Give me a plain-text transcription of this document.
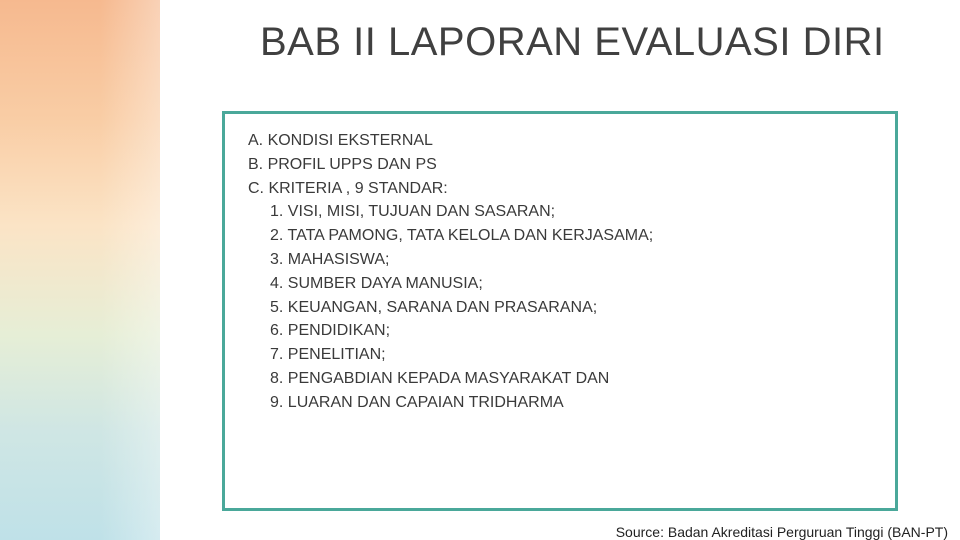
BAB II LAPORAN EVALUASI DIRI
A. KONDISI EKSTERNAL
B. PROFIL UPPS DAN PS
C. KRITERIA , 9 STANDAR:
1. VISI, MISI, TUJUAN DAN SASARAN;
2. TATA PAMONG, TATA KELOLA DAN KERJASAMA;
3. MAHASISWA;
4. SUMBER DAYA MANUSIA;
5. KEUANGAN, SARANA DAN PRASARANA;
6. PENDIDIKAN;
7. PENELITIAN;
8. PENGABDIAN KEPADA MASYARAKAT DAN
9. LUARAN DAN CAPAIAN TRIDHARMA
Source: Badan Akreditasi Perguruan Tinggi (BAN-PT)
